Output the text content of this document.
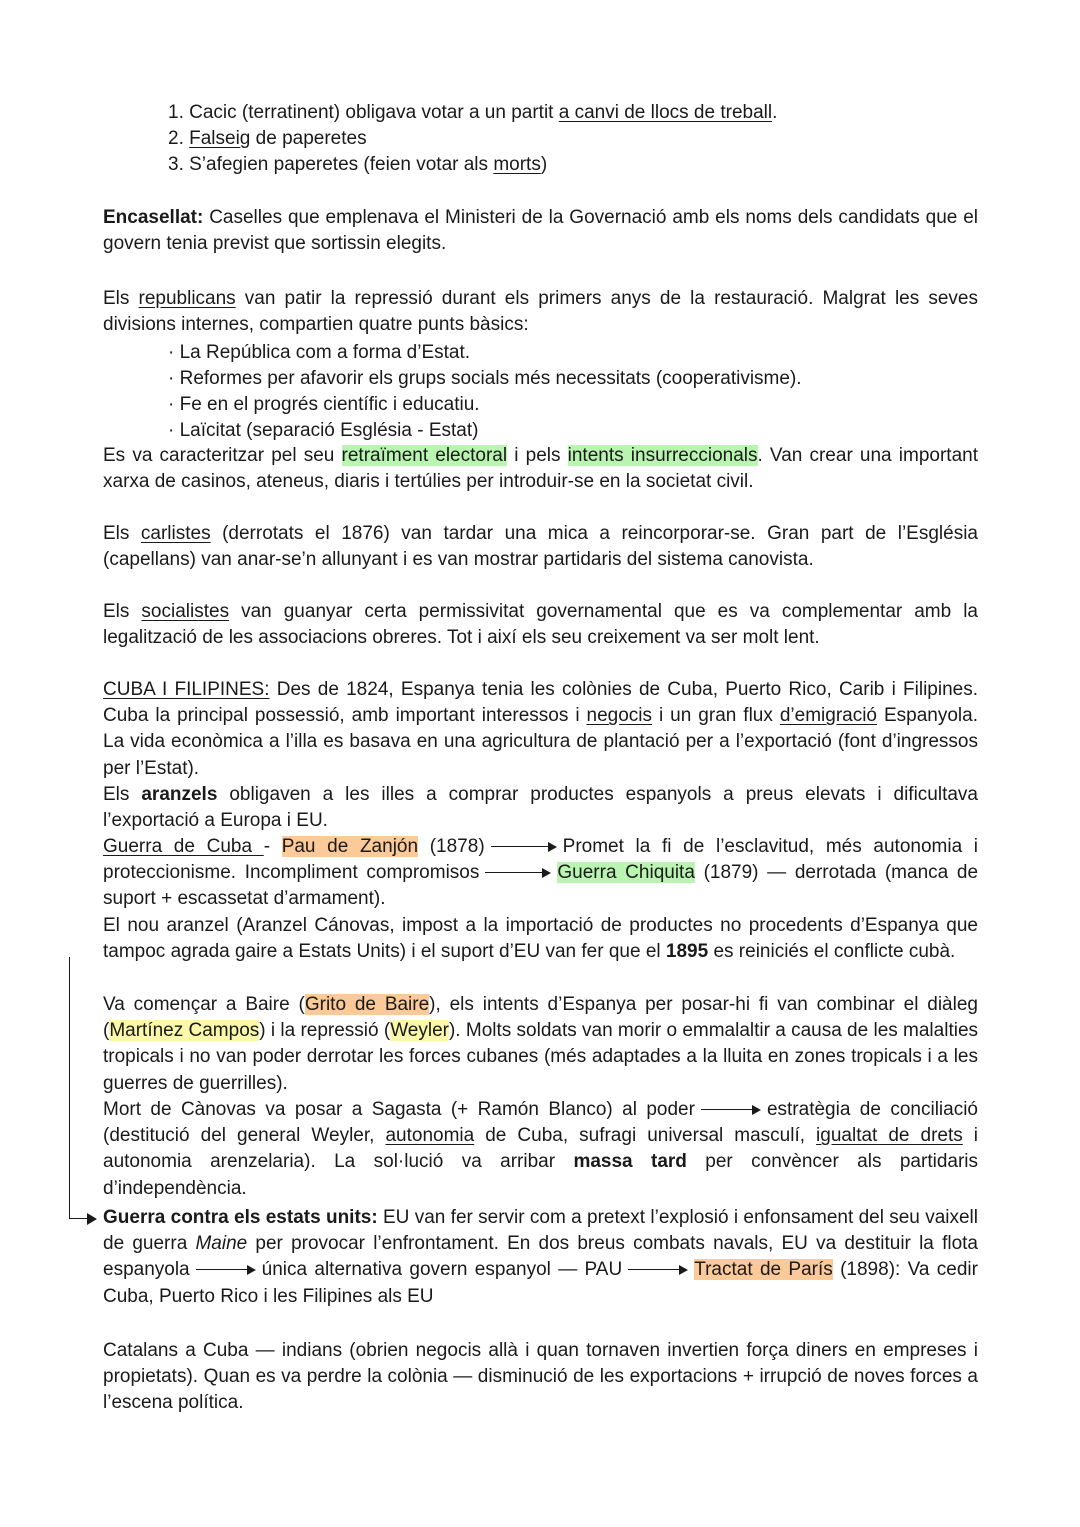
1. Cacic (terratinent) obligava votar a un partit a canvi de llocs de treball.
2. Falseig de paperetes
3. S’afegien paperetes (feien votar als morts)
Encasellat: Caselles que emplenava el Ministeri de la Governació amb els noms dels candidats que el govern tenia previst que sortissin elegits.
Els republicans van patir la repressió durant els primers anys de la restauració. Malgrat les seves divisions internes, compartien quatre punts bàsics:
· La República com a forma d’Estat.
· Reformes per afavorir els grups socials més necessitats (cooperativisme).
· Fe en el progrés científic i educatiu.
· Laïcitat (separació Església - Estat)
Es va caracteritzar pel seu retraïment electoral i pels intents insurreccionals. Van crear una important xarxa de casinos, ateneus, diaris i tertúlies per introduir-se en la societat civil.
Els carlistes (derrotats el 1876) van tardar una mica a reincorporar-se. Gran part de l’Església (capellans) van anar-se’n allunyant i es van mostrar partidaris del sistema canovista.
Els socialistes van guanyar certa permissivitat governamental que es va complementar amb la legalització de les associacions obreres. Tot i així els seu creixement va ser molt lent.
CUBA I FILIPINES: Des de 1824, Espanya tenia les colònies de Cuba, Puerto Rico, Carib i Filipines. Cuba la principal possessió, amb important interessos i negocis i un gran flux d’emigració Espanyola. La vida econòmica a l’illa es basava en una agricultura de plantació per a l’exportació (font d’ingressos per l’Estat).
Els aranzels obligaven a les illes a comprar productes espanyols a preus elevats i dificultava l’exportació a Europa i EU.
Guerra de Cuba - Pau de Zanjón (1878)	Promet la fi de l’esclavitud, més autonomia i proteccionisme. Incompliment compromisos	Guerra Chiquita (1879) — derrotada (manca de suport + escassetat d’armament).
El nou aranzel (Aranzel Cánovas, impost a la importació de productes no procedents d’Espanya que tampoc agrada gaire a Estats Units) i el suport d’EU van fer que el 1895 es reiniciés el conflicte cubà.
Va començar a Baire (Grito de Baire), els intents d’Espanya per posar-hi fi van combinar el diàleg (Martínez Campos) i la repressió (Weyler). Molts soldats van morir o emmalaltir a causa de les malalties tropicals i no van poder derrotar les forces cubanes (més adaptades a la lluita en zones tropicals i a les guerres de guerrilles).
Mort de Cànovas va posar a Sagasta (+ Ramón Blanco) al poder	estratègia de conciliació (destitució del general Weyler, autonomia de Cuba, sufragi universal masculí, igualtat de drets i autonomia arenzelaria). La sol·lució va arribar massa tard per convèncer als partidaris d’independència.
Guerra contra els estats units: EU van fer servir com a pretext l’explosió i enfonsament del seu vaixell de guerra Maine per provocar l’enfrontament. En dos breus combats navals, EU va destituir la flota espanyola	única alternativa govern espanyol — PAU	Tractat de París (1898): Va cedir Cuba, Puerto Rico i les Filipines als EU
Catalans a Cuba — indians (obrien negocis allà i quan tornaven invertien força diners en empreses i propietats). Quan es va perdre la colònia — disminució de les exportacions + irrupció de noves forces a l’escena política.
